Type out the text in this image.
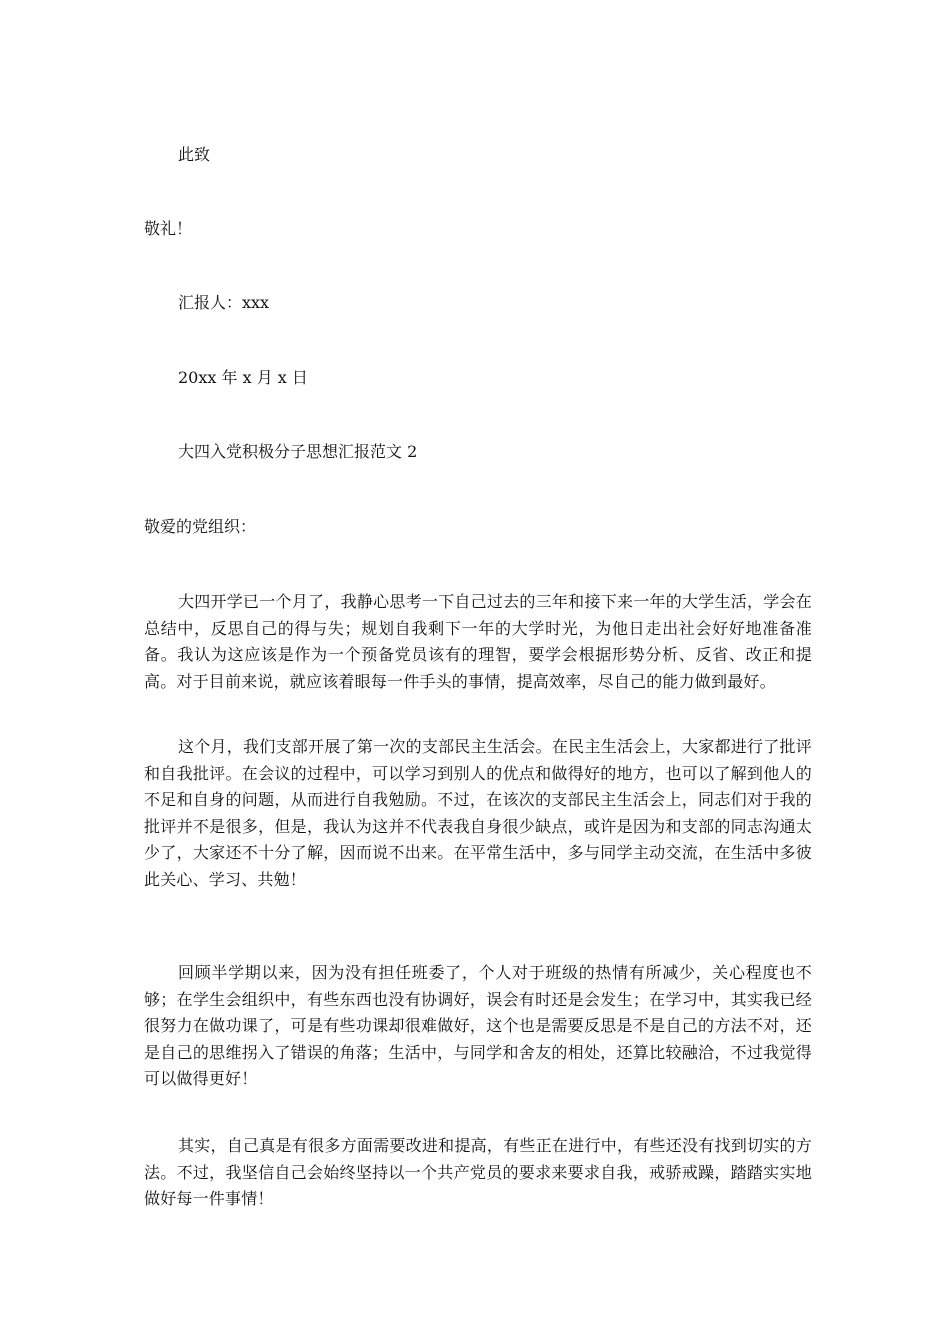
此致
敬礼！
汇报人：xxx
20xx 年 x 月 x 日
大四入党积极分子思想汇报范文 2
敬爱的党组织：
大四开学已一个月了，我静心思考一下自己过去的三年和接下来一年的大学生活，学会在总结中，反思自己的得与失；规划自我剩下一年的大学时光，为他日走出社会好好地准备准备。我认为这应该是作为一个预备党员该有的理智，要学会根据形势分析、反省、改正和提高。对于目前来说，就应该着眼每一件手头的事情，提高效率，尽自己的能力做到最好。
这个月，我们支部开展了第一次的支部民主生活会。在民主生活会上，大家都进行了批评和自我批评。在会议的过程中，可以学习到别人的优点和做得好的地方，也可以了解到他人的不足和自身的问题，从而进行自我勉励。不过，在该次的支部民主生活会上，同志们对于我的批评并不是很多，但是，我认为这并不代表我自身很少缺点，或许是因为和支部的同志沟通太少了，大家还不十分了解，因而说不出来。在平常生活中，多与同学主动交流，在生活中多彼此关心、学习、共勉！
回顾半学期以来，因为没有担任班委了，个人对于班级的热情有所减少，关心程度也不够；在学生会组织中，有些东西也没有协调好，误会有时还是会发生；在学习中，其实我已经很努力在做功课了，可是有些功课却很难做好，这个也是需要反思是不是自己的方法不对，还是自己的思维拐入了错误的角落；生活中，与同学和舍友的相处，还算比较融洽，不过我觉得可以做得更好！
其实，自己真是有很多方面需要改进和提高，有些正在进行中，有些还没有找到切实的方法。不过，我坚信自己会始终坚持以一个共产党员的要求来要求自我，戒骄戒躁，踏踏实实地做好每一件事情！
